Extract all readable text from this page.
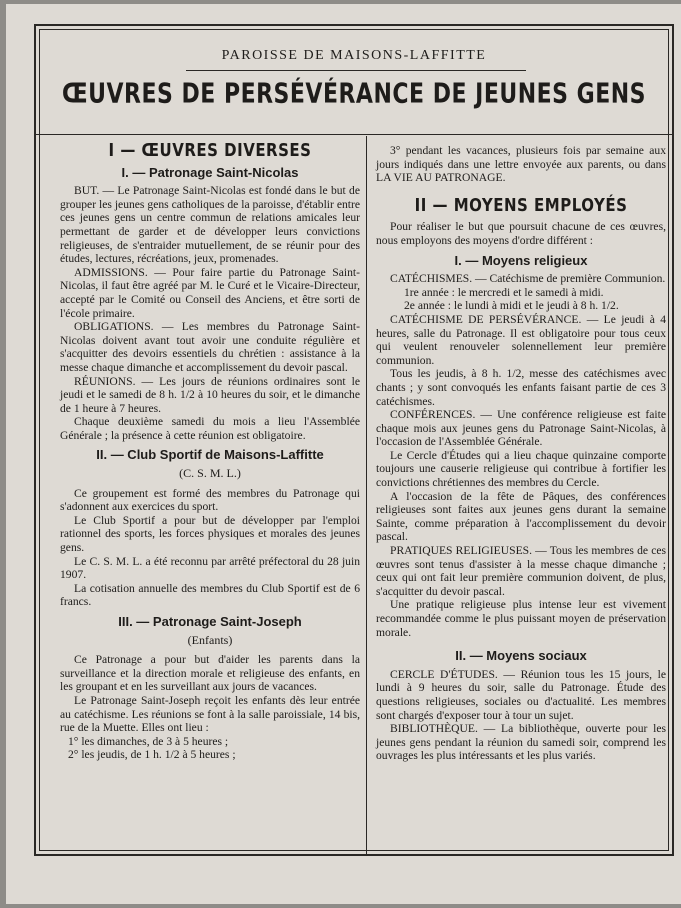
PAROISSE DE MAISONS-LAFFITTE
ŒUVRES DE PERSÉVÉRANCE DE JEUNES GENS
I — ŒUVRES DIVERSES
I. — Patronage Saint-Nicolas

BUT. — Le Patronage Saint-Nicolas est fondé dans le but de grouper les jeunes gens catholiques de la paroisse, d'établir entre ces jeunes gens un centre commun de relations amicales leur permettant de garder et de développer leurs convictions religieuses, de s'entraider mutuellement, de se réunir pour des études, lectures, récréations, jeux, promenades.

ADMISSIONS. — Pour faire partie du Patronage Saint-Nicolas, il faut être agréé par M. le Curé et le Vicaire-Directeur, accepté par le Comité ou Conseil des Anciens, et être sorti de l'école primaire.

OBLIGATIONS. — Les membres du Patronage Saint-Nicolas doivent avant tout avoir une conduite régulière et s'acquitter des devoirs essentiels du chrétien : assistance à la messe chaque dimanche et accomplissement du devoir pascal.

RÉUNIONS. — Les jours de réunions ordinaires sont le jeudi et le samedi de 8 h. 1/2 à 10 heures du soir, et le dimanche de 1 heure à 7 heures.

Chaque deuxième samedi du mois a lieu l'Assemblée Générale ; la présence à cette réunion est obligatoire.

II. — Club Sportif de Maisons-Laffitte
(C. S. M. L.)

Ce groupement est formé des membres du Patronage qui s'adonnent aux exercices du sport.

Le Club Sportif a pour but de développer par l'emploi rationnel des sports, les forces physiques et morales des jeunes gens.

Le C. S. M. L. a été reconnu par arrêté préfectoral du 28 juin 1907.

La cotisation annuelle des membres du Club Sportif est de 6 francs.

III. — Patronage Saint-Joseph
(Enfants)

Ce Patronage a pour but d'aider les parents dans la surveillance et la direction morale et religieuse des enfants, en les groupant et en les surveillant aux jours de vacances.

Le Patronage Saint-Joseph reçoit les enfants dès leur entrée au catéchisme. Les réunions se font à la salle paroissiale, 14 bis, rue de la Muette. Elles ont lieu :

1° les dimanches, de 3 à 5 heures ;

2° les jeudis, de 1 h. 1/2 à 5 heures ;

3° pendant les vacances, plusieurs fois par semaine aux jours indiqués dans une lettre envoyée aux parents, ou dans LA VIE AU PATRONAGE.

II — MOYENS EMPLOYÉS

Pour réaliser le but que poursuit chacune de ces œuvres, nous employons des moyens d'ordre différent :

I. — Moyens religieux

CATÉCHISMES. — Catéchisme de première Communion.

1re année : le mercredi et le samedi à midi.

2e année : le lundi à midi et le jeudi à 8 h. 1/2.

CATÉCHISME DE PERSÉVÉRANCE. — Le jeudi à 4 heures, salle du Patronage. Il est obligatoire pour tous ceux qui veulent renouveler solennellement leur première communion.

Tous les jeudis, à 8 h. 1/2, messe des catéchismes avec chants ; y sont convoqués les enfants faisant partie de ces 3 catéchismes.

CONFÉRENCES. — Une conférence religieuse est faite chaque mois aux jeunes gens du Patronage Saint-Nicolas, à l'occasion de l'Assemblée Générale.

Le Cercle d'Études qui a lieu chaque quinzaine comporte toujours une causerie religieuse qui contribue à fortifier les convictions chrétiennes des membres du Cercle.

A l'occasion de la fête de Pâques, des conférences religieuses sont faites aux jeunes gens durant la semaine Sainte, comme préparation à l'accomplissement du devoir pascal.

PRATIQUES RELIGIEUSES. — Tous les membres de ces œuvres sont tenus d'assister à la messe chaque dimanche ; ceux qui ont fait leur première communion doivent, de plus, s'acquitter du devoir pascal.

Une pratique religieuse plus intense leur est vivement recommandée comme le plus puissant moyen de préservation morale.

II. — Moyens sociaux

CERCLE D'ÉTUDES. — Réunion tous les 15 jours, le lundi à 9 heures du soir, salle du Patronage. Étude des questions religieuses, sociales ou d'actualité. Les membres sont chargés d'exposer tour à tour un sujet.

BIBLIOTHÈQUE. — La bibliothèque, ouverte pour les jeunes gens pendant la réunion du samedi soir, comprend les ouvrages les plus intéressants et les plus variés.
